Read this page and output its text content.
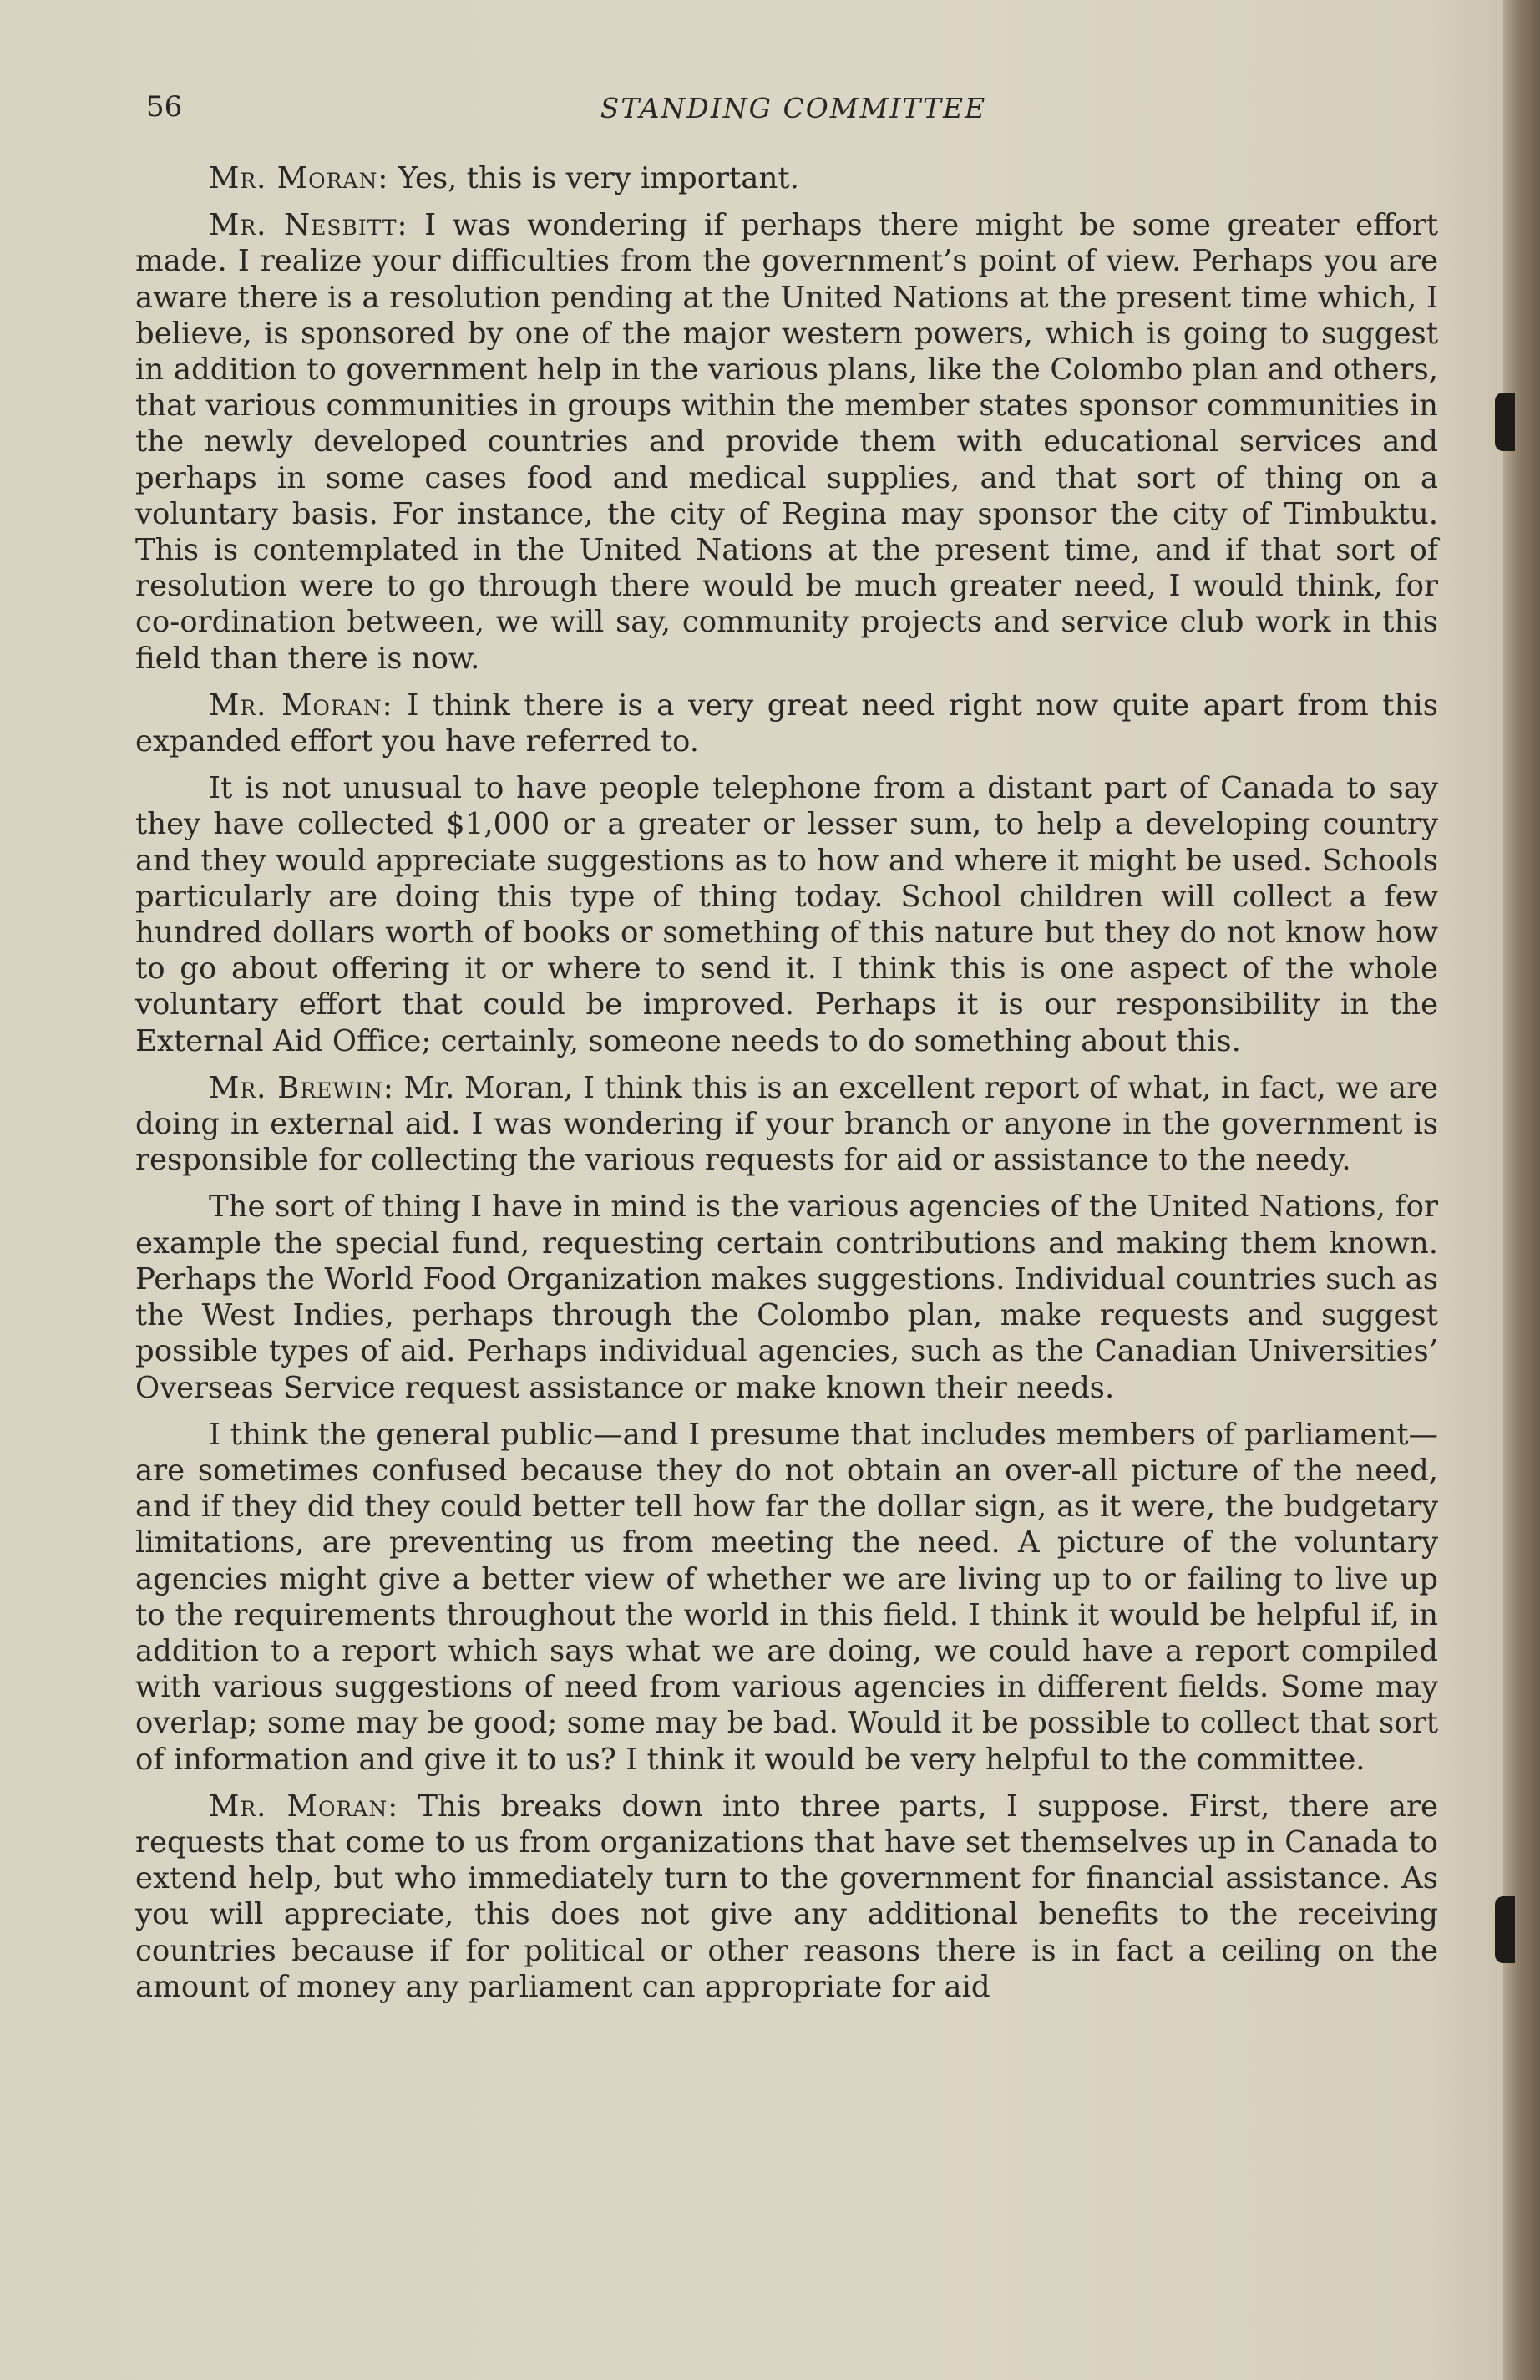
56	STANDING COMMITTEE

Mr. Moran: Yes, this is very important.

Mr. Nesbitt: I was wondering if perhaps there might be some greater effort made. I realize your difficulties from the government’s point of view. Perhaps you are aware there is a resolution pending at the United Nations at the present time which, I believe, is sponsored by one of the major western powers, which is going to suggest in addition to government help in the various plans, like the Colombo plan and others, that various communities in groups within the member states sponsor communities in the newly developed countries and provide them with educational services and perhaps in some cases food and medical supplies, and that sort of thing on a voluntary basis. For instance, the city of Regina may sponsor the city of Timbuktu. This is contemplated in the United Nations at the present time, and if that sort of resolution were to go through there would be much greater need, I would think, for co-ordination between, we will say, community projects and service club work in this field than there is now.

Mr. Moran: I think there is a very great need right now quite apart from this expanded effort you have referred to.

It is not unusual to have people telephone from a distant part of Canada to say they have collected $1,000 or a greater or lesser sum, to help a developing country and they would appreciate suggestions as to how and where it might be used. Schools particularly are doing this type of thing today. School children will collect a few hundred dollars worth of books or something of this nature but they do not know how to go about offering it or where to send it. I think this is one aspect of the whole voluntary effort that could be improved. Perhaps it is our responsibility in the External Aid Office; certainly, someone needs to do something about this.

Mr. Brewin: Mr. Moran, I think this is an excellent report of what, in fact, we are doing in external aid. I was wondering if your branch or anyone in the government is responsible for collecting the various requests for aid or assistance to the needy.

The sort of thing I have in mind is the various agencies of the United Nations, for example the special fund, requesting certain contributions and making them known. Perhaps the World Food Organization makes suggestions. Individual countries such as the West Indies, perhaps through the Colombo plan, make requests and suggest possible types of aid. Perhaps individual agencies, such as the Canadian Universities’ Overseas Service request assistance or make known their needs.

I think the general public—and I presume that includes members of parliament—are sometimes confused because they do not obtain an over-all picture of the need, and if they did they could better tell how far the dollar sign, as it were, the budgetary limitations, are preventing us from meeting the need. A picture of the voluntary agencies might give a better view of whether we are living up to or failing to live up to the requirements throughout the world in this field. I think it would be helpful if, in addition to a report which says what we are doing, we could have a report compiled with various suggestions of need from various agencies in different fields. Some may overlap; some may be good; some may be bad. Would it be possible to collect that sort of information and give it to us? I think it would be very helpful to the committee.

Mr. Moran: This breaks down into three parts, I suppose. First, there are requests that come to us from organizations that have set themselves up in Canada to extend help, but who immediately turn to the government for financial assistance. As you will appreciate, this does not give any additional benefits to the receiving countries because if for political or other reasons there is in fact a ceiling on the amount of money any parliament can appropriate for aid
